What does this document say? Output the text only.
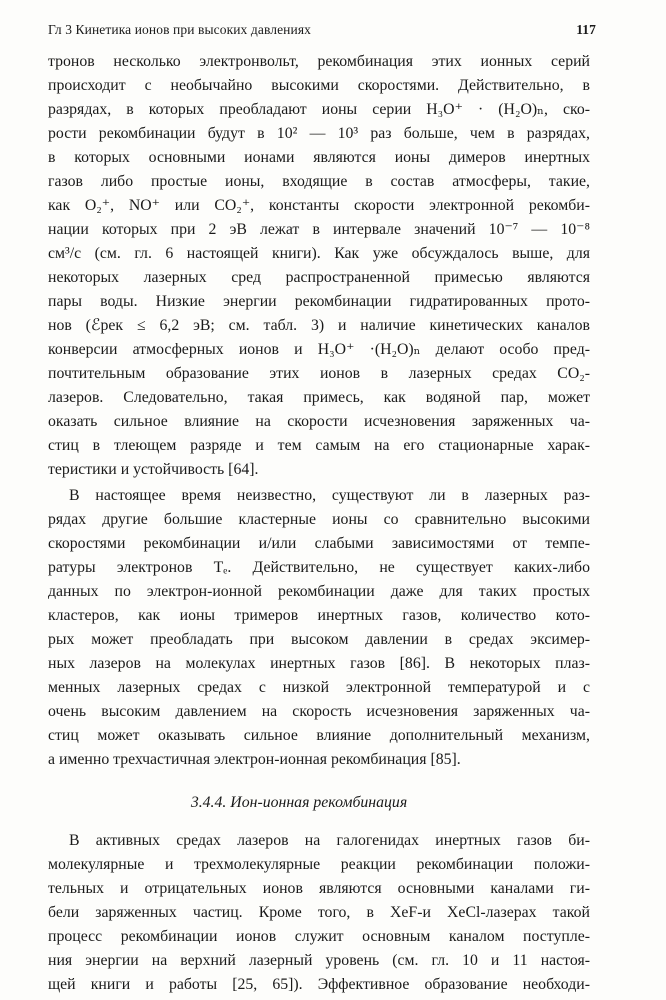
Гл 3 Кинетика ионов при высоких давлениях	117
тронов несколько электронвольт, рекомбинация этих ионных серий
происходит с необычайно высокими скоростями. Действительно, в
разрядах, в которых преобладают ионы серии H₃O⁺ · (H₂O)ₙ, ско-
рости рекомбинации будут в 10² — 10³ раз больше, чем в разрядах,
в которых основными ионами являются ионы димеров инертных
газов либо простые ионы, входящие в состав атмосферы, такие,
как O₂⁺, NO⁺ или CO₂⁺, константы скорости электронной рекомби-
нации которых при 2 эВ лежат в интервале значений 10⁻⁷ — 10⁻⁸
см³/с (см. гл. 6 настоящей книги). Как уже обсуждалось выше, для
некоторых лазерных сред распространенной примесью являются
пары воды. Низкие энергии рекомбинации гидратированных прото-
нов (ℰрек ≤ 6,2 эВ; см. табл. 3) и наличие кинетических каналов
конверсии атмосферных ионов и H₃O⁺ ·(H₂O)ₙ делают особо пред-
почтительным образование этих ионов в лазерных средах CO₂-
лазеров. Следовательно, такая примесь, как водяной пар, может
оказать сильное влияние на скорости исчезновения заряженных ча-
стиц в тлеющем разряде и тем самым на его стационарные харак-
теристики и устойчивость [64].
В настоящее время неизвестно, существуют ли в лазерных раз-
рядах другие большие кластерные ионы со сравнительно высокими
скоростями рекомбинации и/или слабыми зависимостями от темпе-
ратуры электронов Tₑ. Действительно, не существует каких-либо
данных по электрон-ионной рекомбинации даже для таких простых
кластеров, как ионы тримеров инертных газов, количество кото-
рых может преобладать при высоком давлении в средах эксимер-
ных лазеров на молекулах инертных газов [86]. В некоторых плаз-
менных лазерных средах с низкой электронной температурой и с
очень высоким давлением на скорость исчезновения заряженных ча-
стиц может оказывать сильное влияние дополнительный механизм,
а именно трехчастичная электрон-ионная рекомбинация [85].
3.4.4. Ион-ионная рекомбинация
В активных средах лазеров на галогенидах инертных газов би-
молекулярные и трехмолекулярные реакции рекомбинации положи-
тельных и отрицательных ионов являются основными каналами ги-
бели заряженных частиц. Кроме того, в XeF-и XeCl-лазерах такой
процесс рекомбинации ионов служит основным каналом поступле-
ния энергии на верхний лазерный уровень (см. гл. 10 и 11 настоя-
щей книги и работы [25, 65]). Эффективное образование необходи-
